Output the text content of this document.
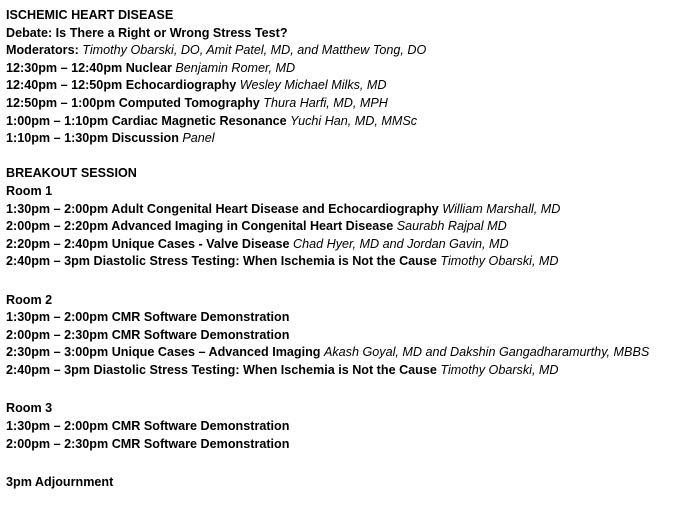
ISCHEMIC HEART DISEASE
Debate: Is There a Right or Wrong Stress Test?
Moderators: Timothy Obarski, DO, Amit Patel, MD, and Matthew Tong, DO
12:30pm – 12:40pm Nuclear Benjamin Romer, MD
12:40pm – 12:50pm Echocardiography Wesley Michael Milks, MD
12:50pm – 1:00pm Computed Tomography Thura Harfi, MD, MPH
1:00pm – 1:10pm Cardiac Magnetic Resonance Yuchi Han, MD, MMSc
1:10pm – 1:30pm Discussion Panel
BREAKOUT SESSION
Room 1
1:30pm – 2:00pm Adult Congenital Heart Disease and Echocardiography William Marshall, MD
2:00pm – 2:20pm Advanced Imaging in Congenital Heart Disease Saurabh Rajpal MD
2:20pm – 2:40pm Unique Cases - Valve Disease Chad Hyer, MD and Jordan Gavin, MD
2:40pm – 3pm Diastolic Stress Testing: When Ischemia is Not the Cause Timothy Obarski, MD
Room 2
1:30pm – 2:00pm CMR Software Demonstration
2:00pm – 2:30pm CMR Software Demonstration
2:30pm – 3:00pm Unique Cases – Advanced Imaging Akash Goyal, MD and Dakshin Gangadharamurthy, MBBS
2:40pm – 3pm Diastolic Stress Testing: When Ischemia is Not the Cause Timothy Obarski, MD
Room 3
1:30pm – 2:00pm CMR Software Demonstration
2:00pm – 2:30pm CMR Software Demonstration
3pm Adjournment
